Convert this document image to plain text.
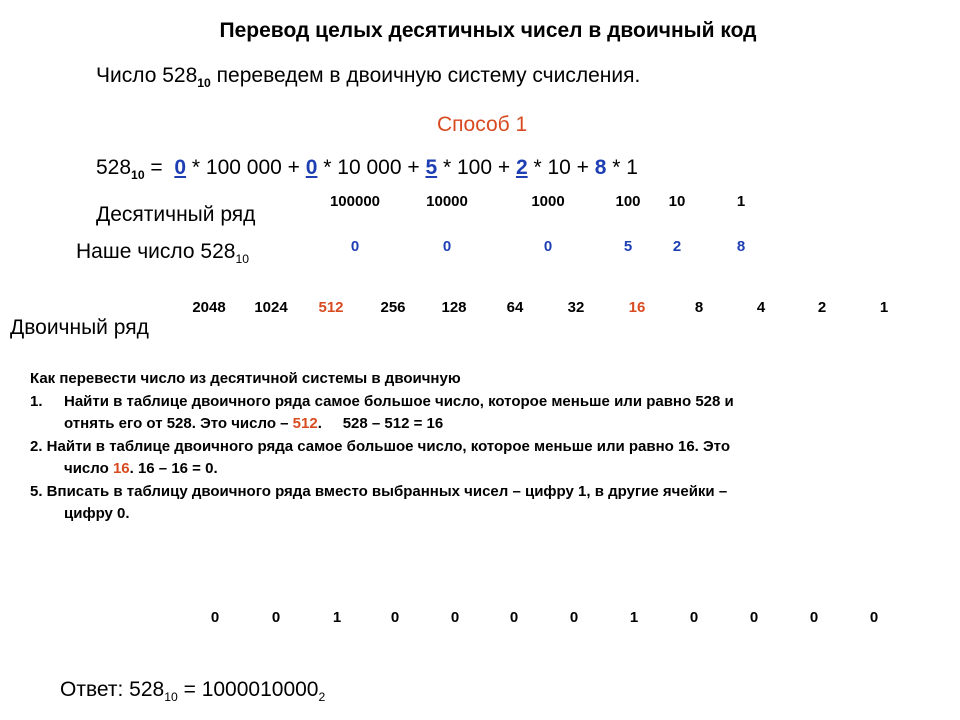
Перевод целых десятичных чисел в двоичный код
Число $528_{10}$ переведем в двоичную систему счисления.
Способ 1
$528_{10} = 0 * 100$ 000 + 0 * 10 000 + 5 * 100 + 2 * 10 + 8 * 1
Десятичный ряд
100000	10000	1000	100 10	1
Наше число $528_{10}$
0	0	0	5	2	8
2048 1024 512 256 128	64	32	16	8	4	2	1
Двоичный ряд
Как перевести число из десятичной системы в двоичную
1. Найти в таблице двоичного ряда самое большое число, которое меньше или равно 528 и
отнять его от 528. Это число – 512.     528 – 512 = 16
2. Найти в таблице двоичного ряда самое большое число, которое меньше или равно 16. Это
число 16. 16 – 16 = 0.
5. Вписать в таблицу двоичного ряда вместо выбранных чисел – цифру 1, в другие ячейки –
цифру 0.
0	0	1	0	0	0	0	1	0	0	0	0
Ответ: $528_{10} = 1000010000_2$
